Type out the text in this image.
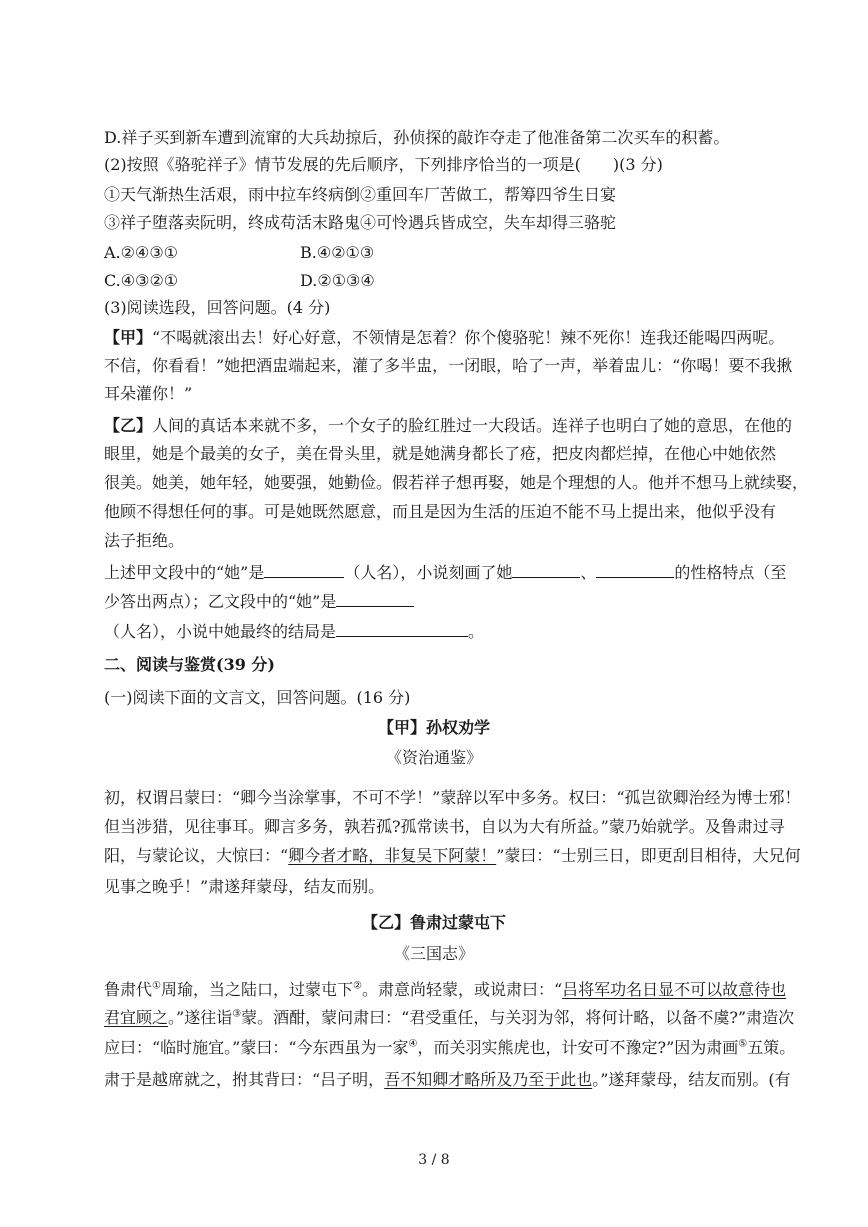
D.祥子买到新车遭到流窜的大兵劫掠后，孙侦探的敲诈夺走了他准备第二次买车的积蓄。
(2)按照《骆驼祥子》情节发展的先后顺序，下列排序恰当的一项是(　　)(3 分)
①天气渐热生活艰，雨中拉车终病倒②重回车厂苦做工，帮筹四爷生日宴
③祥子堕落卖阮明，终成苟活末路鬼④可怜遇兵皆成空，失车却得三骆驼
A.②④③①	B.④②①③
C.④③②①	D.②①③④
(3)阅读选段，回答问题。(4 分)
【甲】“不喝就滚出去！好心好意，不领情是怎着？你个傻骆驼！辣不死你！连我还能喝四两呢。
不信，你看看！”她把酒盅端起来，灌了多半盅，一闭眼，哈了一声，举着盅儿：“你喝！要不我揪
耳朵灌你！”
【乙】人间的真话本来就不多，一个女子的脸红胜过一大段话。连祥子也明白了她的意思，在他的
眼里，她是个最美的女子，美在骨头里，就是她满身都长了疮，把皮肉都烂掉，在他心中她依然
很美。她美，她年轻，她要强，她勤俭。假若祥子想再娶，她是个理想的人。他并不想马上就续娶，
他顾不得想任何的事。可是她既然愿意，而且是因为生活的压迫不能不马上提出来，他似乎没有
法子拒绝。
上述甲文段中的“她”是	（人名），小说刻画了她	、	的性格特点（至
少答出两点）；乙文段中的“她”是
（人名），小说中她最终的结局是	。
二、阅读与鉴赏(39 分)
(一)阅读下面的文言文，回答问题。(16 分)
【甲】孙权劝学
《资治通鉴》
初，权谓吕蒙曰：“卿今当涂掌事，不可不学！”蒙辞以军中多务。权曰：“孤岂欲卿治经为博士邪！
但当涉猎，见往事耳。卿言多务，孰若孤?孤常读书，自以为大有所益。”蒙乃始就学。及鲁肃过寻
阳，与蒙论议，大惊曰：“卿今者才略，非复吴下阿蒙！”蒙曰：“士别三日，即更刮目相待，大兄何
见事之晚乎！”肃遂拜蒙母，结友而别。
【乙】鲁肃过蒙屯下
《三国志》
鲁肃代①周瑜，当之陆口，过蒙屯下②。肃意尚轻蒙，或说肃曰：“吕将军功名日显不可以故意待也
君宜顾之。”遂往诣③蒙。酒酣，蒙问肃曰：“君受重任，与关羽为邻，将何计略，以备不虞?”肃造次
应曰：“临时施宜。”蒙曰：“今东西虽为一家④，而关羽实熊虎也，计安可不豫定?”因为肃画⑤五策。
肃于是越席就之，拊其背曰：“吕子明，吾不知卿才略所及乃至于此也。”遂拜蒙母，结友而别。(有
3 / 8
